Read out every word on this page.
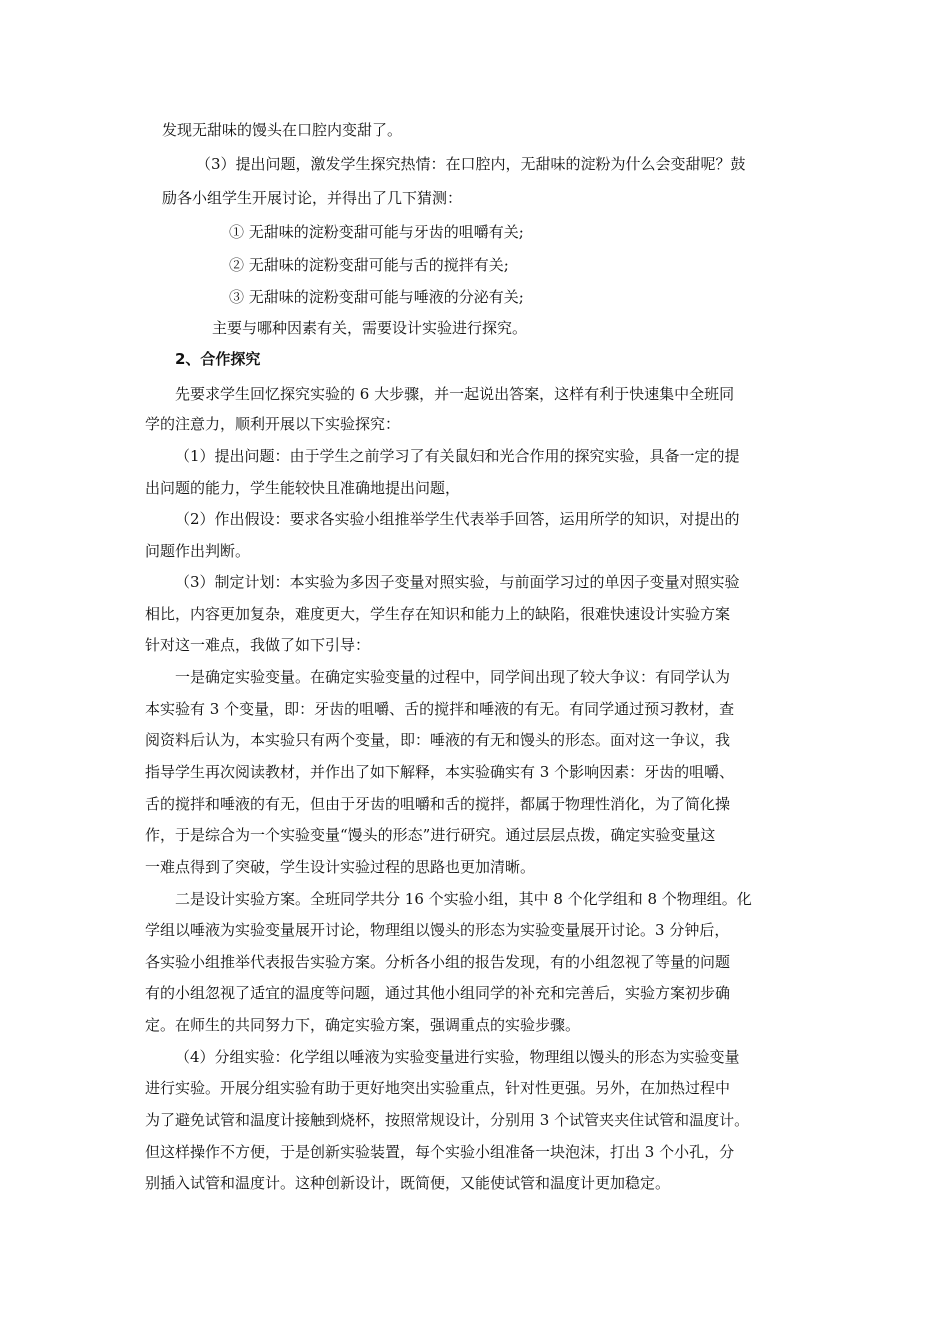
发现无甜味的馒头在口腔内变甜了。
（3）提出问题，激发学生探究热情：在口腔内，无甜味的淀粉为什么会变甜呢？鼓
励各小组学生开展讨论，并得出了几下猜测：
① 无甜味的淀粉变甜可能与牙齿的咀嚼有关;
② 无甜味的淀粉变甜可能与舌的搅拌有关;
③ 无甜味的淀粉变甜可能与唾液的分泌有关;
主要与哪种因素有关，需要设计实验进行探究。
2、合作探究
先要求学生回忆探究实验的 6 大步骤，并一起说出答案，这样有利于快速集中全班同
学的注意力，顺利开展以下实验探究：
（1）提出问题：由于学生之前学习了有关鼠妇和光合作用的探究实验，具备一定的提
出问题的能力，学生能较快且准确地提出问题，
（2）作出假设：要求各实验小组推举学生代表举手回答，运用所学的知识，对提出的
问题作出判断。
（3）制定计划：本实验为多因子变量对照实验，与前面学习过的单因子变量对照实验
相比，内容更加复杂，难度更大，学生存在知识和能力上的缺陷，很难快速设计实验方案
针对这一难点，我做了如下引导：
一是确定实验变量。在确定实验变量的过程中，同学间出现了较大争议：有同学认为
本实验有 3 个变量，即：牙齿的咀嚼、舌的搅拌和唾液的有无。有同学通过预习教材，查
阅资料后认为，本实验只有两个变量，即：唾液的有无和馒头的形态。面对这一争议，我
指导学生再次阅读教材，并作出了如下解释，本实验确实有 3 个影响因素：牙齿的咀嚼、
舌的搅拌和唾液的有无，但由于牙齿的咀嚼和舌的搅拌，都属于物理性消化，为了简化操
作，于是综合为一个实验变量“馒头的形态”进行研究。通过层层点拨，确定实验变量这
一难点得到了突破，学生设计实验过程的思路也更加清晰。
二是设计实验方案。全班同学共分 16 个实验小组，其中 8 个化学组和 8 个物理组。化
学组以唾液为实验变量展开讨论，物理组以馒头的形态为实验变量展开讨论。3 分钟后，
各实验小组推举代表报告实验方案。分析各小组的报告发现，有的小组忽视了等量的问题
有的小组忽视了适宜的温度等问题，通过其他小组同学的补充和完善后，实验方案初步确
定。在师生的共同努力下，确定实验方案，强调重点的实验步骤。
（4）分组实验：化学组以唾液为实验变量进行实验，物理组以馒头的形态为实验变量
进行实验。开展分组实验有助于更好地突出实验重点，针对性更强。另外，在加热过程中
为了避免试管和温度计接触到烧杯，按照常规设计，分别用 3 个试管夹夹住试管和温度计。
但这样操作不方便，于是创新实验装置，每个实验小组准备一块泡沫，打出 3 个小孔，分
别插入试管和温度计。这种创新设计，既简便，又能使试管和温度计更加稳定。
